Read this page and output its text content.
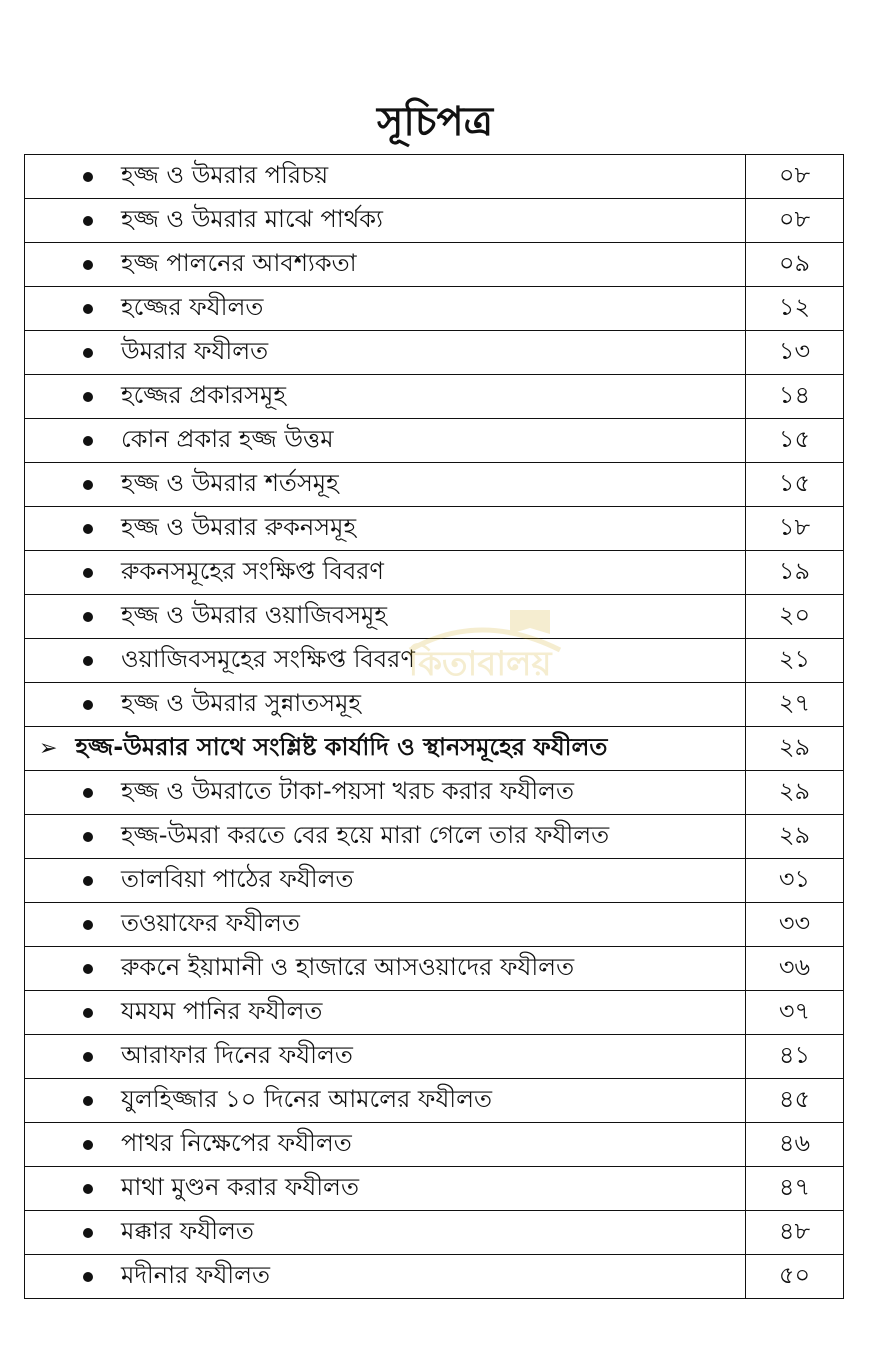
সূচিপত্র
হজ্জ ও উমরার পরিচয়	০৮
হজ্জ ও উমরার মাঝে পার্থক্য	০৮
হজ্জ পালনের আবশ্যকতা	০৯
হজ্জের ফযীলত	১২
উমরার ফযীলত	১৩
হজ্জের প্রকারসমূহ	১৪
কোন প্রকার হজ্জ উত্তম	১৫
হজ্জ ও উমরার শর্তসমূহ	১৫
হজ্জ ও উমরার রুকনসমূহ	১৮
রুকনসমূহের সংক্ষিপ্ত বিবরণ	১৯
হজ্জ ও উমরার ওয়াজিবসমূহ	২০
ওয়াজিবসমূহের সংক্ষিপ্ত বিবরণ	২১
হজ্জ ও উমরার সুন্নাতসমূহ	২৭
➢ হজ্জ-উমরার সাথে সংশ্লিষ্ট কার্যাদি ও স্থানসমূহের ফযীলত	২৯
হজ্জ ও উমরাতে টাকা-পয়সা খরচ করার ফযীলত	২৯
হজ্জ-উমরা করতে বের হয়ে মারা গেলে তার ফযীলত	২৯
তালবিয়া পাঠের ফযীলত	৩১
তওয়াফের ফযীলত	৩৩
রুকনে ইয়ামানী ও হাজারে আসওয়াদের ফযীলত	৩৬
যমযম পানির ফযীলত	৩৭
আরাফার দিনের ফযীলত	৪১
যুলহিজ্জার ১০ দিনের আমলের ফযীলত	৪৫
পাথর নিক্ষেপের ফযীলত	৪৬
মাথা মুণ্ডন করার ফযীলত	৪৭
মক্কার ফযীলত	৪৮
মদীনার ফযীলত	৫০
কিতাবালয়
